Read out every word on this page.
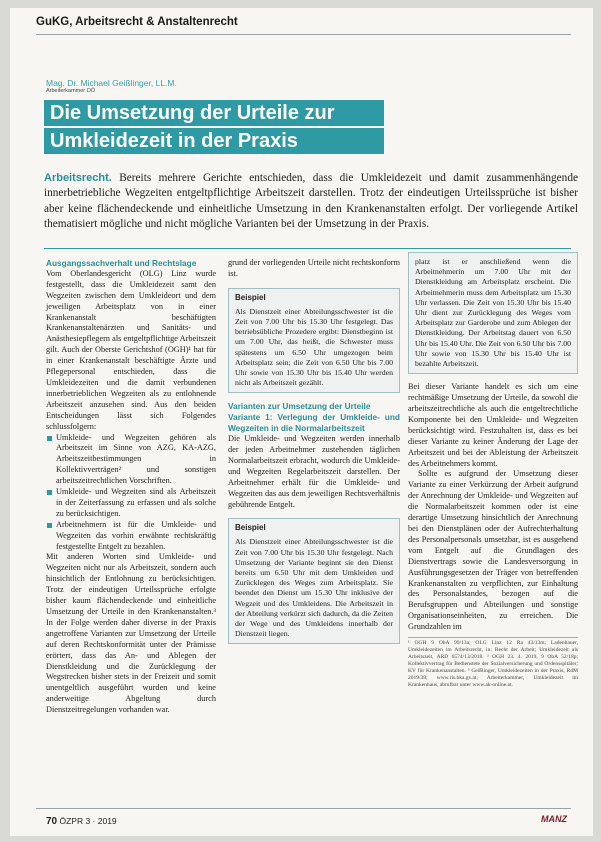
GuKG, Arbeitsrecht & Anstaltenrecht
Mag. Dr. Michael Geißlinger, LL.M.
Arbeiterkammer OÖ
Die Umsetzung der Urteile zur
Umkleidezeit in der Praxis
Arbeitsrecht. Bereits mehrere Gerichte entschieden, dass die Umkleidezeit und damit zusammenhängende innerbetriebliche Wegzeiten entgeltpflichtige Arbeitszeit darstellen. Trotz der eindeutigen Urteilssprüche ist bisher aber keine flächendeckende und einheitliche Umsetzung in den Krankenanstalten erfolgt. Der vorliegende Artikel thematisiert mögliche und nicht mögliche Varianten bei der Umsetzung in der Praxis.
Ausgangssachverhalt und Rechtslage

Vom Oberlandesgericht (OLG) Linz wurde festgestellt, dass die Umkleidezeit samt den Wegzeiten zwischen dem Umkleideort und dem jeweiligen Arbeitsplatz von in einer Krankenanstalt beschäftigten Krankenanstaltenärzten und Sanitäts- und Anästhesiepflegern als entgeltpflichtige Arbeitszeit gilt. Auch der Oberste Gerichtshof (OGH)¹ hat für in einer Krankenanstalt beschäftigte Ärzte und Pflegepersonal entschieden, dass die Umkleidezeiten und die damit verbundenen innerbetrieblichen Wegzeiten als zu entlohnende Arbeitszeit anzusehen sind. Aus den beiden Entscheidungen lässt sich Folgendes schlussfolgern:

Umkleide- und Wegzeiten gehören als Arbeitszeit im Sinne von AZG, KA-AZG, Arbeitszeitbestimmungen in Kollektivverträgen² und sonstigen arbeitszeitrechtlichen Vorschriften.
Umkleide- und Wegzeiten sind als Arbeitszeit in der Zeiterfassung zu erfassen und als solche zu berücksichtigen.
Arbeitnehmern ist für die Umkleide- und Wegzeiten das vorhin erwähnte rechtskräftig festgestellte Entgelt zu bezahlen.

Mit anderen Worten sind Umkleide- und Wegzeiten nicht nur als Arbeitszeit, sondern auch hinsichtlich der Entlohnung zu berücksichtigen. Trotz der eindeutigen Urteilssprüche erfolgte bisher kaum flächendeckende und einheitliche Umsetzung der Urteile in den Krankenanstalten.³ In der Folge werden daher diverse in der Praxis angetroffene Varianten zur Umsetzung der Urteile auf deren Rechtskonformität unter der Prämisse erörtert, dass das An- und Ablegen der Dienstkleidung und die Zurücklegung der Wegstrecken bisher stets in der Freizeit und somit unentgeltlich ausgeführt wurden und keine anderweitige Abgeltung durch Dienstzeitregelungen vorhanden war.

grund der vorliegenden Urteile nicht rechtskonform ist.

Beispiel

Als Dienstzeit einer Abteilungsschwester ist die Zeit von 7.00 Uhr bis 15.30 Uhr festgelegt. Das betriebsübliche Prozedere ergibt: Dienstbeginn ist um 7.00 Uhr, das heißt, die Schwester muss spätestens um 6.50 Uhr umgezogen beim Arbeitsplatz sein; die Zeit von 6.50 Uhr bis 7.00 Uhr sowie von 15.30 Uhr bis 15.40 Uhr werden nicht als Arbeitszeit gezählt.

Varianten zur Umsetzung der Urteile
Variante 1: Verlegung der Umkleide- und Wegzeiten in die Normalarbeitszeit

Die Umkleide- und Wegzeiten werden innerhalb der jeden Arbeitnehmer zustehenden täglichen Normalarbeitszeit erbracht, wodurch die Umkleide- und Wegzeiten Regelarbeitszeit darstellen. Der Arbeitnehmer erhält für die Umkleide- und Wegzeiten das aus dem jeweiligen Rechtsverhältnis gebührende Entgelt.

Beispiel

Als Dienstzeit einer Abteilungsschwester ist die Zeit von 7.00 Uhr bis 15.30 Uhr festgelegt. Nach Umsetzung der Variante beginnt sie den Dienst bereits um 6.50 Uhr mit dem Umkleiden und Zurücklegen des Weges zum Arbeitsplatz. Sie beendet den Dienst um 15.30 Uhr inklusive der Wegzeit und des Umkleidens. Die Arbeitszeit in der Abteilung verkürzt sich dadurch, da die Zeiten der Wege und des Umkleidens innerhalb der Dienstzeit liegen.

platz ist er anschließend wenn die Arbeitnehmerin um 7.00 Uhr mit der Dienstkleidung am Arbeitsplatz erscheint. Die Arbeitnehmerin muss dem Arbeitsplatz um 15.30 Uhr verlassen. Die Zeit von 15.30 Uhr bis 15.40 Uhr dient zur Zurücklegung des Weges vom Arbeitsplatz zur Garderobe und zum Ablegen der Dienstkleidung. Der Arbeitstag dauert von 6.50 Uhr bis 15.40 Uhr. Die Zeit von 6.50 Uhr bis 7.00 Uhr sowie von 15.30 Uhr bis 15.40 Uhr ist bezahlte Arbeitszeit.

Bei dieser Variante handelt es sich um eine rechtmäßige Umsetzung der Urteile, da sowohl die arbeitszeitrechtliche als auch die entgeltrechtliche Komponente bei den Umkleide- und Wegzeiten berücksichtigt wird. Festzuhalten ist, dass es bei dieser Variante zu keiner Änderung der Lage der Arbeitszeit und bei der Ableistung der Arbeitszeit des Arbeitnehmers kommt.

Sollte es aufgrund der Umsetzung dieser Variante zu einer Verkürzung der Arbeit aufgrund der Anrechnung der Umkleide- und Wegzeiten auf die Normalarbeitszeit kommen oder ist eine derartige Umsetzung hinsichtlich der Anrechnung bei den Dienstplänen oder der Aufrechterhaltung des Personalpersonals umsetzbar, ist es ausgehend vom Entgelt auf die Grundlagen des Dienstvertrags sowie die Landesversorgung in Ausführungsgesetzen der Träger von betreffenden Krankenanstalten zu verpflichten, zur Einhaltung des Personalstandes, bezogen auf die Berufsgruppen und Abteilungen und sonstige Organisationseinheiten, zu erreichen. Die Grundzahlen im

¹ OGH 9 ObA 99/13a; OLG Linz 12 Ra 43/13m; Ladenbauer, Umkleidezeiten im Arbeitsrecht, in: Recht der Arbeit; Umkleidezeit als Arbeitszeit, ARD 6574/13/2018. ² OGH 23. 4. 2019, 9 ObA 52/18p; Kollektivvertrag für Bedienstete der Sozialversicherung und Ordensspitäler; KV für Krankenanstalten. ³ Geißlinger, Umkleidezeiten in der Praxis, RdM 2019/38; www.ris.bka.gv.at; Arbeiterkammer, Umkleidezeit im Krankenhaus, abrufbar unter www.ak-online.at.
70 ÖZPR 3 · 2019	MANZ
